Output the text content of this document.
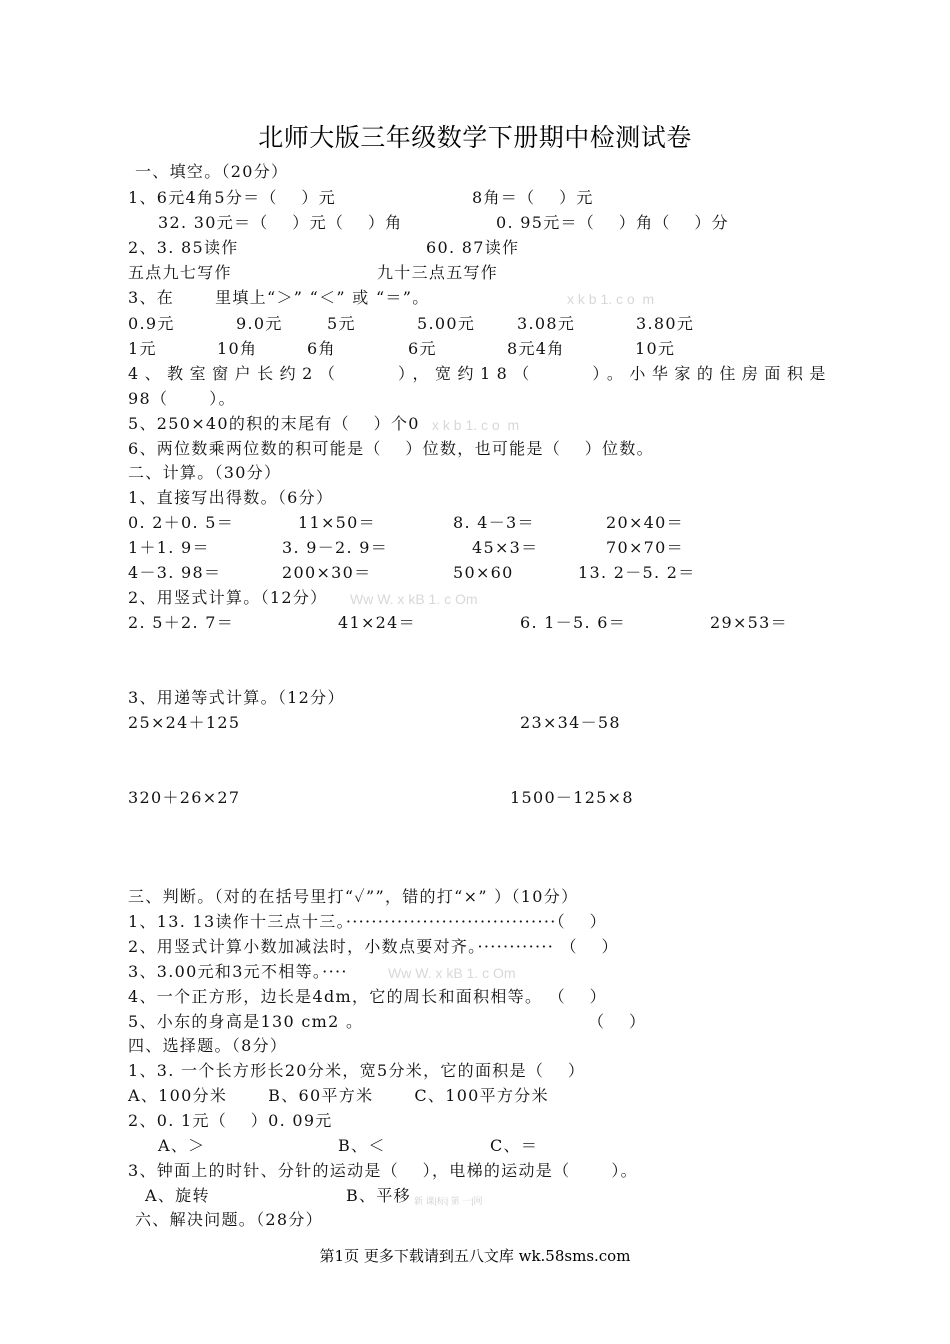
北师大版三年级数学下册期中检测试卷
一、填空。（20分）
1、6元4角5分＝（　 ）元	8角＝（　 ）元
32. 30元＝（　 ）元（　 ）角	0. 95元＝（　 ）角（　 ）分
2、3. 85读作	60. 87读作
五点九七写作	九十三点五写作
3、在　　 里填上“＞” “＜” 或 “＝”。	x k b 1. c o  m
0.9元	9.0元	5元	5.00元	3.08元	3.80元
1元	10角	6角	6元	8元4角	10元
4、教室窗户长约2（　　 ），宽约18（　　 ）。小华家的住房面积是
98（　　 ）。
5、250×40的积的末尾有（　 ）个0 x k b 1. c o  m
6、两位数乘两位数的积可能是（　 ）位数，也可能是（　 ）位数。
二、计算。（30分）
1、直接写出得数。（6分）
0. 2＋0. 5＝	11×50＝	8. 4－3＝	20×40＝
1＋1. 9＝	3. 9－2. 9＝	45×3＝	70×70＝
4－3. 98＝	200×30＝	50×60	13. 2－5. 2＝
2、用竖式计算。（12分） Ww W. x kB 1. c Om
2. 5＋2. 7＝	41×24＝	6. 1－5. 6＝	29×53＝
3、用递等式计算。（12分）
25×24＋125	23×34－58
320＋26×27	1500－125×8
三、判断。（对的在括号里打“✓””，错的打“×” ）（10分）
1、13. 13读作十三点十三。·································（　 ）
2、用竖式计算小数加减法时，小数点要对齐。············ （　 ）
3、3.00元和3元不相等。····	Ww W. x kB 1. c Om
4、一个正方形，边长是4dm，它的周长和面积相等。 （　 ）
5、小东的身高是130 cm2 。	（　 ）
四、选择题。（8分）
1、3. 一个长方形长20分米，宽5分米，它的面积是（　 ）
A、100分米　　 B、60平方米　　 C、100平方分米
2、0. 1元（　 ）0. 09元
A、＞	B、＜	C、＝
3、钟面上的时针、分针的运动是（　 ），电梯的运动是（　　 ）。
A、旋转	B、平移 新 课|标| 第 一|网
六、解决问题。（28分）
第1页 更多下载请到五八文库 wk.58sms.com
